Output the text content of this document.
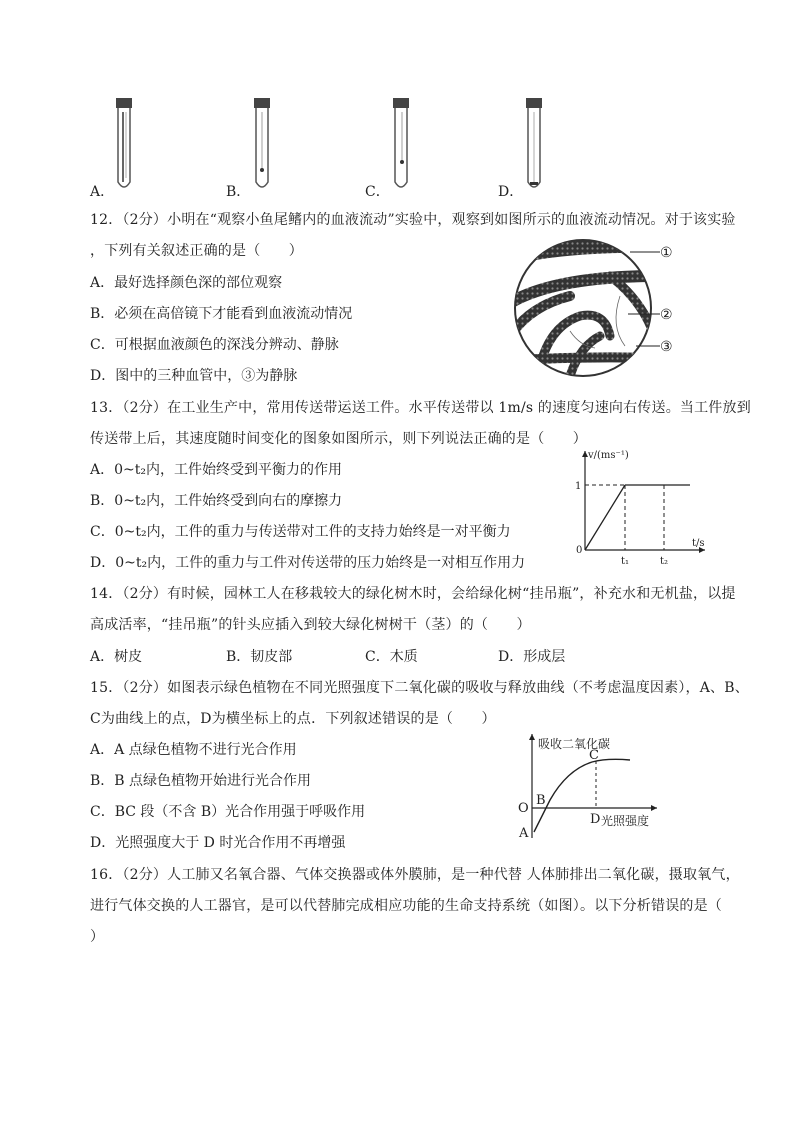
A．	B．	C．	D．
12．（2分）小明在“观察小鱼尾鳍内的血液流动”实验中，观察到如图所示的血液流动情况。对于该实验
，下列有关叙述正确的是（　　）
A．最好选择颜色深的部位观察
B．必须在高倍镜下才能看到血液流动情况
C．可根据血液颜色的深浅分辨动、静脉
D．图中的三种血管中，③为静脉
①
②
③
13．（2分）在工业生产中，常用传送带运送工件。水平传送带以 1m/s 的速度匀速向右传送。当工件放到
传送带上后，其速度随时间变化的图象如图所示，则下列说法正确的是（　　）
A．0~t₂内，工件始终受到平衡力的作用
B．0~t₂内，工件始终受到向右的摩擦力
C．0~t₂内，工件的重力与传送带对工件的支持力始终是一对平衡力
D．0~t₂内，工件的重力与工件对传送带的压力始终是一对相互作用力
v/(ms⁻¹)
t/s
1
0
t₁	t₂
14．（2分）有时候，园林工人在移栽较大的绿化树木时，会给绿化树“挂吊瓶”，补充水和无机盐，以提
高成活率，“挂吊瓶”的针头应插入到较大绿化树树干（茎）的（　　）
A．树皮	B．韧皮部	C．木质	D．形成层
15．（2分）如图表示绿色植物在不同光照强度下二氧化碳的吸收与释放曲线（不考虑温度因素），A、B、
C为曲线上的点，D为横坐标上的点．下列叙述错误的是（　　）
A．A 点绿色植物不进行光合作用
B．B 点绿色植物开始进行光合作用
C．BC 段（不含 B）光合作用强于呼吸作用
D．光照强度大于 D 时光合作用不再增强
吸收二氧化碳
O
A
B
C
D 光照强度
16．（2分）人工肺又名氧合器、气体交换器或体外膜肺，是一种代替 人体肺排出二氧化碳，摄取氧气，
进行气体交换的人工器官，是可以代替肺完成相应功能的生命支持系统（如图）。以下分析错误的是（
）
